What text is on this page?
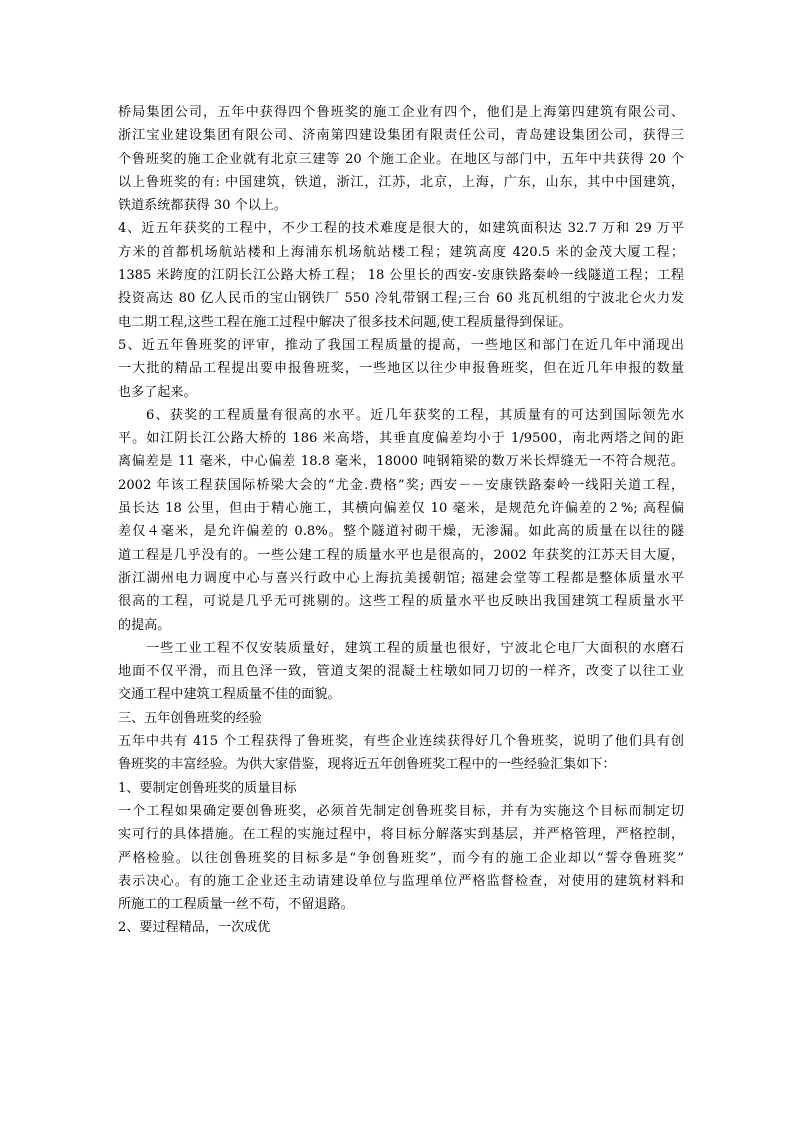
桥局集团公司，五年中获得四个鲁班奖的施工企业有四个，他们是上海第四建筑有限公司、
浙江宝业建设集团有限公司、济南第四建设集团有限责任公司，青岛建设集团公司，获得三
个鲁班奖的施工企业就有北京三建等 20 个施工企业。在地区与部门中，五年中共获得 20 个
以上鲁班奖的有: 中国建筑，铁道，浙江，江苏，北京，上海，广东，山东，其中中国建筑，
铁道系统都获得 30 个以上。
4、近五年获奖的工程中，不少工程的技术难度是很大的，如建筑面积达 32.7 万和 29 万平
方米的首都机场航站楼和上海浦东机场航站楼工程；建筑高度 420.5 米的金茂大厦工程；
1385 米跨度的江阴长江公路大桥工程； 18 公里长的西安-安康铁路秦岭一线隧道工程；工程
投资高达 80 亿人民币的宝山钢铁厂 550 冷轧带钢工程;三台 60 兆瓦机组的宁波北仑火力发
电二期工程,这些工程在施工过程中解决了很多技术问题,使工程质量得到保证。
5、近五年鲁班奖的评审，推动了我国工程质量的提高，一些地区和部门在近几年中涌现出
一大批的精品工程提出要申报鲁班奖，一些地区以往少申报鲁班奖，但在近几年申报的数量
也多了起来。
6、获奖的工程质量有很高的水平。近几年获奖的工程，其质量有的可达到国际领先水
平。如江阴长江公路大桥的 186 米高塔，其垂直度偏差均小于 1/9500，南北两塔之间的距
离偏差是 11 毫米，中心偏差 18.8 毫米，18000 吨钢箱梁的数万米长焊缝无一不符合规范。
2002 年该工程获国际桥梁大会的“尤金.费格”奖; 西安－－安康铁路秦岭一线阳关道工程，
虽长达 18 公里，但由于精心施工，其横向偏差仅 10 毫米，是规范允许偏差的２%; 高程偏
差仅４毫米，是允许偏差的 0.8%。整个隧道衬砌干燥，无渗漏。如此高的质量在以往的隧
道工程是几乎没有的。一些公建工程的质量水平也是很高的，2002 年获奖的江苏天目大厦，
浙江湖州电力调度中心与喜兴行政中心上海抗美援朝馆; 福建会堂等工程都是整体质量水平
很高的工程，可说是几乎无可挑剔的。这些工程的质量水平也反映出我国建筑工程质量水平
的提高。
一些工业工程不仅安装质量好，建筑工程的质量也很好，宁波北仑电厂大面积的水磨石
地面不仅平滑，而且色泽一致，管道支架的混凝土柱墩如同刀切的一样齐，改变了以往工业
交通工程中建筑工程质量不佳的面貌。
三、五年创鲁班奖的经验
五年中共有 415 个工程获得了鲁班奖，有些企业连续获得好几个鲁班奖，说明了他们具有创
鲁班奖的丰富经验。为供大家借鉴，现将近五年创鲁班奖工程中的一些经验汇集如下：
1、要制定创鲁班奖的质量目标
一个工程如果确定要创鲁班奖，必须首先制定创鲁班奖目标，并有为实施这个目标而制定切
实可行的具体措施。在工程的实施过程中，将目标分解落实到基层，并严格管理，严格控制，
严格检验。以往创鲁班奖的目标多是“争创鲁班奖”，而今有的施工企业却以“誓夺鲁班奖”
表示决心。有的施工企业还主动请建设单位与监理单位严格监督检查，对使用的建筑材料和
所施工的工程质量一丝不苟，不留退路。
2、要过程精品，一次成优
